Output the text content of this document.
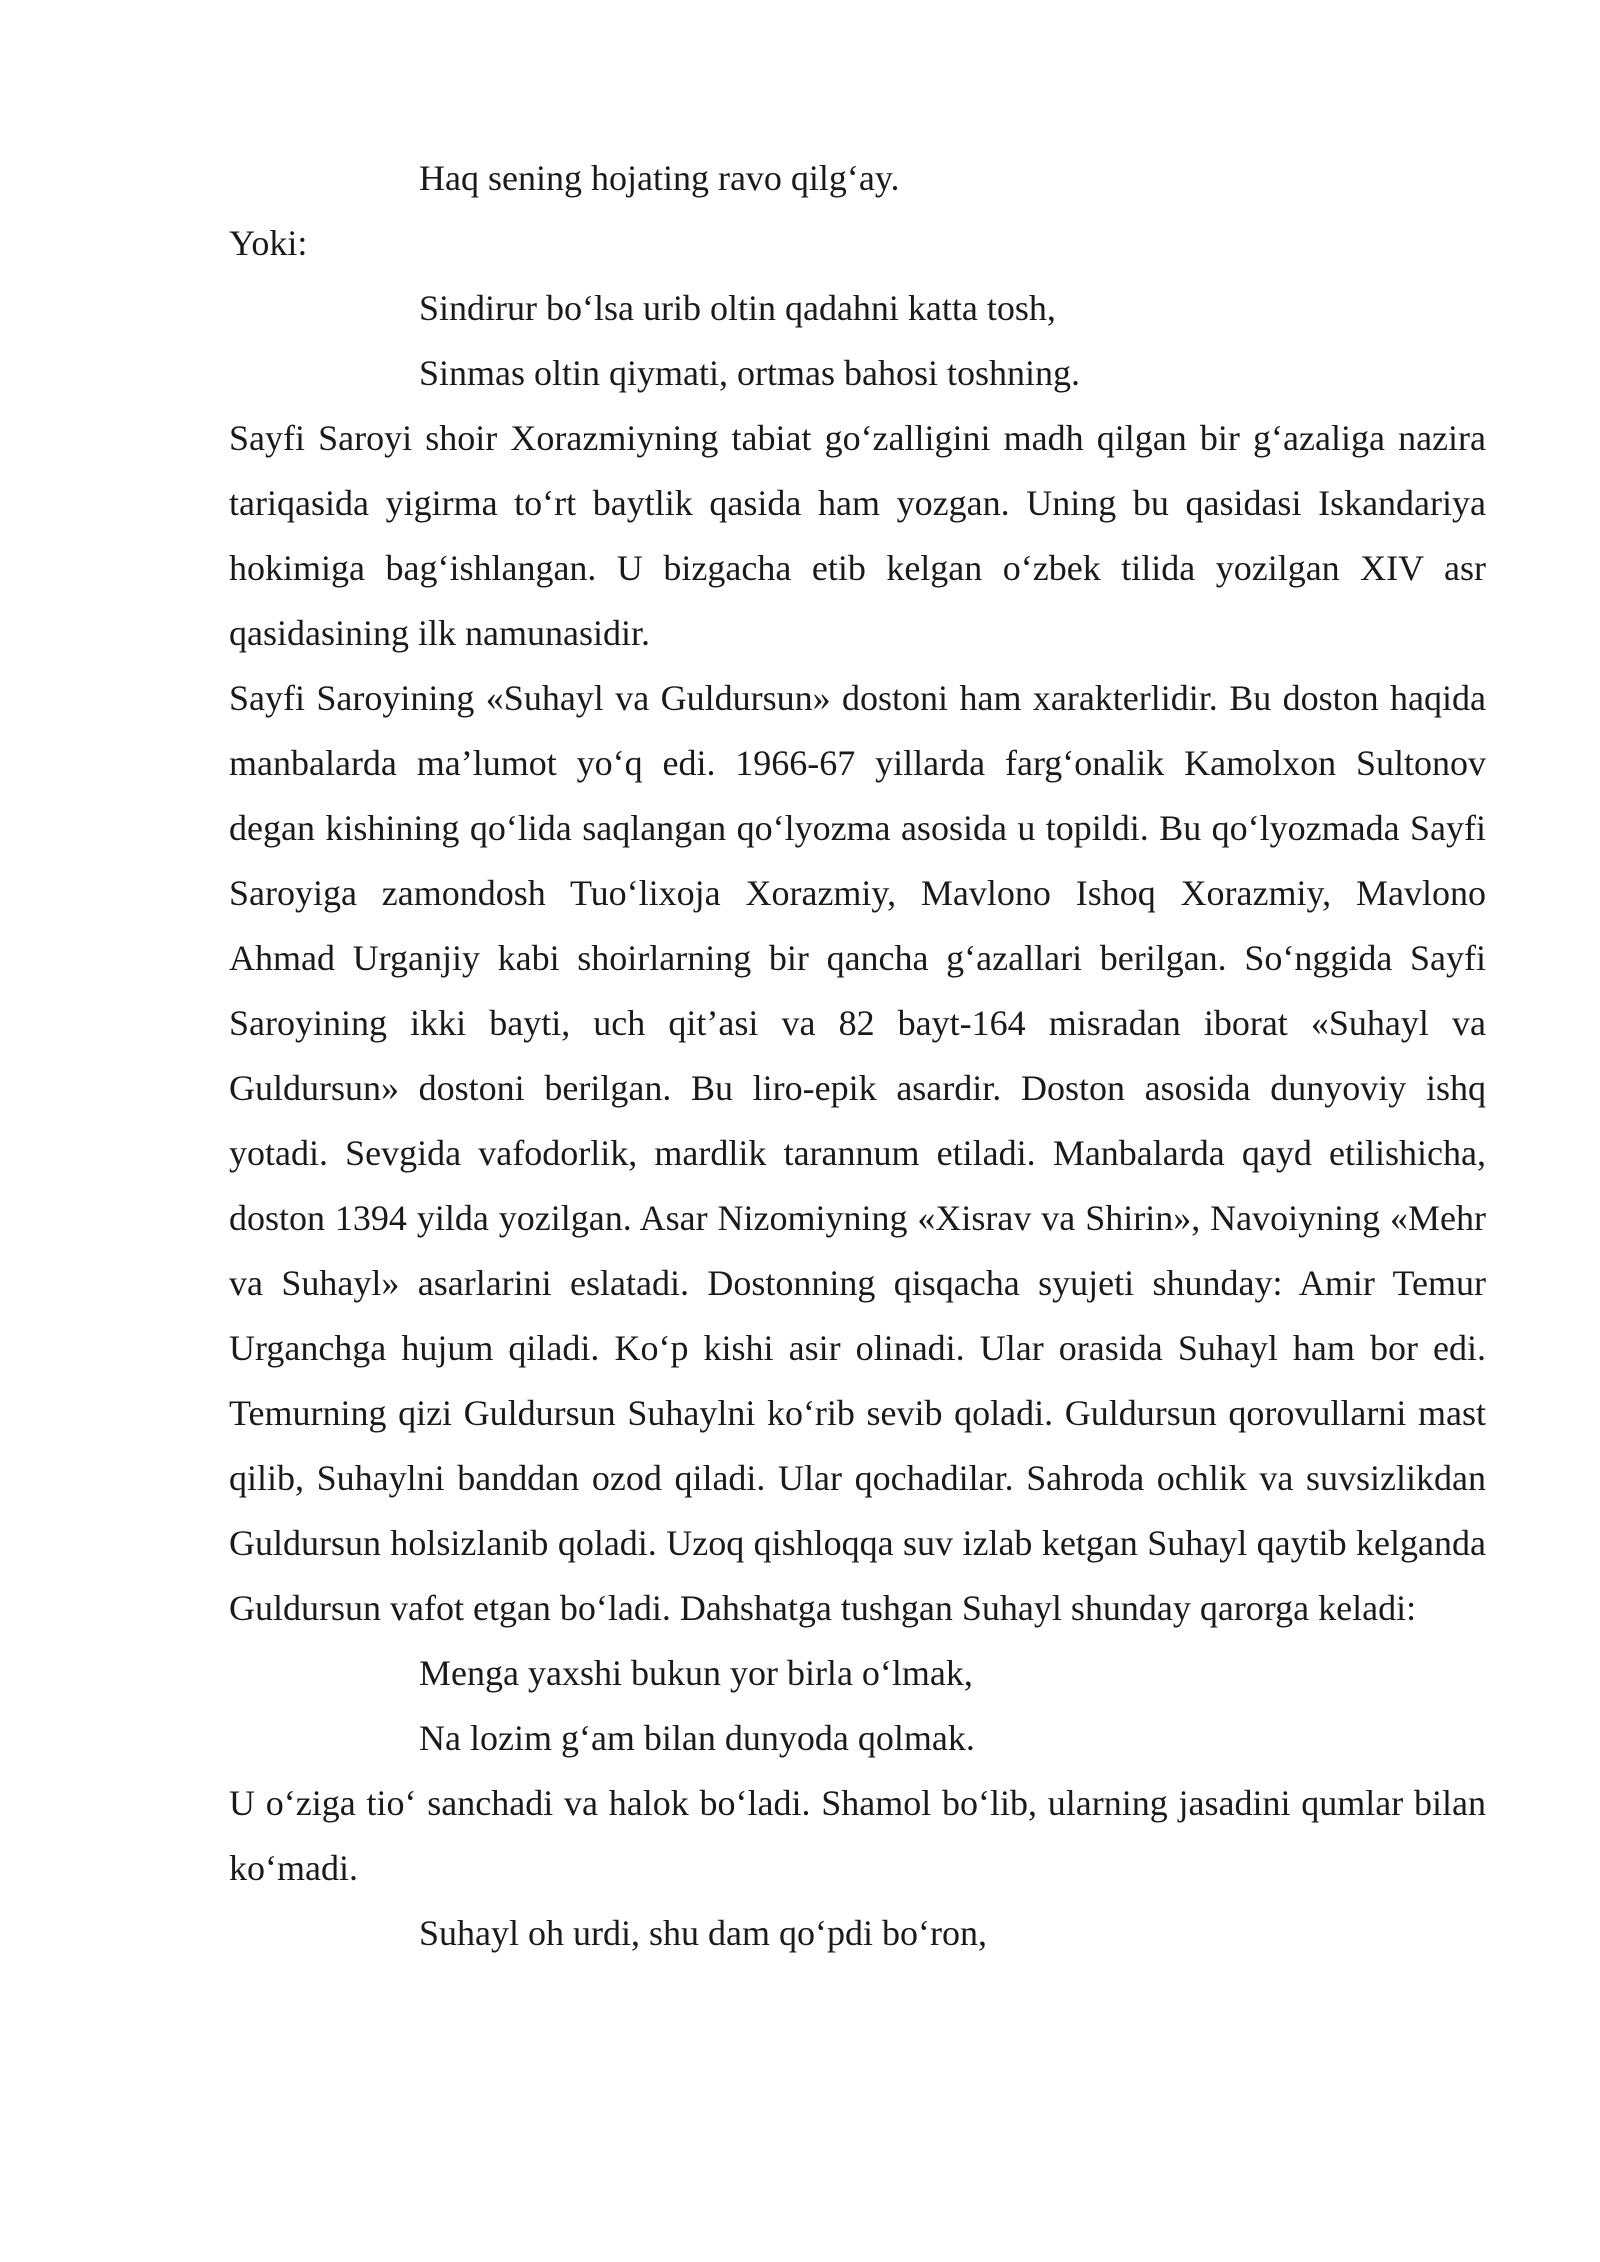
Haq sening hojating ravo qilg‘ay.

Yoki:

Sindirur bo‘lsa urib oltin qadahni katta tosh,

Sinmas oltin qiymati, ortmas bahosi toshning.

Sayfi Saroyi shoir Xorazmiyning tabiat go‘zalligini madh qilgan bir g‘azaliga nazira tariqasida yigirma to‘rt baytlik qasida ham yozgan. Uning bu qasidasi Iskandariya hokimiga bag‘ishlangan. U bizgacha etib kelgan o‘zbek tilida yozilgan XIV asr qasidasining ilk namunasidir.

Sayfi Saroyining «Suhayl va Guldursun» dostoni ham xarakterlidir. Bu doston haqida manbalarda ma’lumot yo‘q edi. 1966-67 yillarda farg‘onalik Kamolxon Sultonov degan kishining qo‘lida saqlangan qo‘lyozma asosida u topildi. Bu qo‘lyozmada Sayfi Saroyiga zamondosh Tuo‘lixoja Xorazmiy, Mavlono Ishoq Xorazmiy, Mavlono Ahmad Urganjiy kabi shoirlarning bir qancha g‘azallari berilgan. So‘nggida Sayfi Saroyining ikki bayti, uch qit’asi va 82 bayt-164 misradan iborat «Suhayl va Guldursun» dostoni berilgan. Bu liro-epik asardir. Doston asosida dunyoviy ishq yotadi. Sevgida vafodorlik, mardlik tarannum etiladi. Manbalarda qayd etilishicha, doston 1394 yilda yozilgan. Asar Nizomiyning «Xisrav va Shirin», Navoiyning «Mehr va Suhayl» asarlarini eslatadi. Dostonning qisqacha syujeti shunday: Amir Temur Urganchga hujum qiladi. Ko‘p kishi asir olinadi. Ular orasida Suhayl ham bor edi. Temurning qizi Guldursun Suhaylni ko‘rib sevib qoladi. Guldursun qorovullarni mast qilib, Suhaylni banddan ozod qiladi. Ular qochadilar. Sahroda ochlik va suvsizlikdan Guldursun holsizlanib qoladi. Uzoq qishloqqa suv izlab ketgan Suhayl qaytib kelganda Guldursun vafot etgan bo‘ladi. Dahshatga tushgan Suhayl shunday qarorga keladi:

Menga yaxshi bukun yor birla o‘lmak,

Na lozim g‘am bilan dunyoda qolmak.

U o‘ziga tio‘ sanchadi va halok bo‘ladi. Shamol bo‘lib, ularning jasadini qumlar bilan ko‘madi.

Suhayl oh urdi, shu dam qo‘pdi bo‘ron,
